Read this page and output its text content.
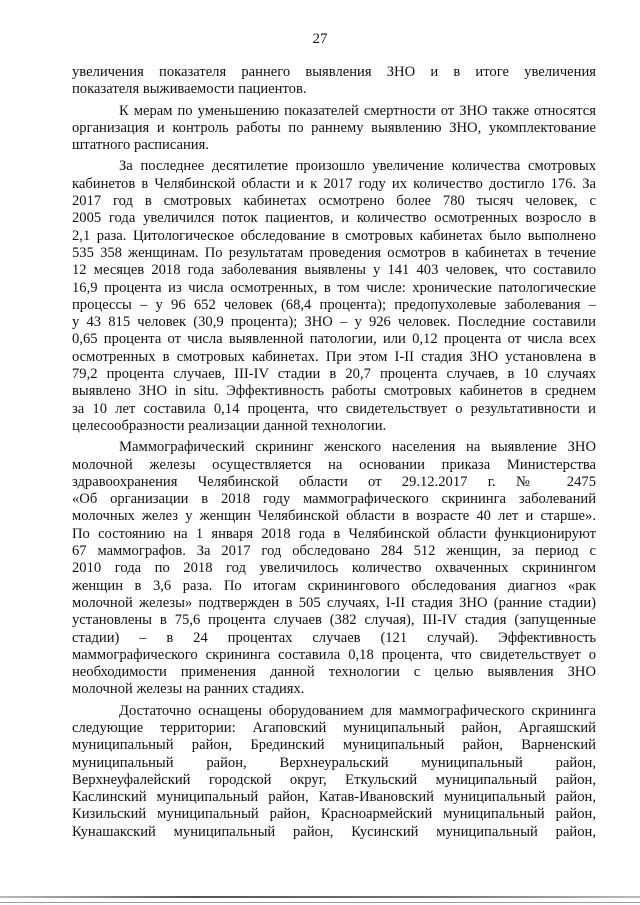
27
увеличения показателя раннего выявления ЗНО и в итоге увеличения
показателя выживаемости пациентов.
К мерам по уменьшению показателей смертности от ЗНО также относятся
организация и контроль работы по раннему выявлению ЗНО, укомплектование
штатного расписания.
За последнее десятилетие произошло увеличение количества смотровых
кабинетов в Челябинской области и к 2017 году их количество достигло 176. За
2017 год в смотровых кабинетах осмотрено более 780 тысяч человек, с
2005 года увеличился поток пациентов, и количество осмотренных возросло в
2,1 раза. Цитологическое обследование в смотровых кабинетах было выполнено
535 358 женщинам. По результатам проведения осмотров в кабинетах в течение
12 месяцев 2018 года заболевания выявлены у 141 403 человек, что составило
16,9 процента из числа осмотренных, в том числе: хронические патологические
процессы – у 96 652 человек (68,4 процента); предопухолевые заболевания –
у 43 815 человек (30,9 процента); ЗНО – у 926 человек. Последние составили
0,65 процента от числа выявленной патологии, или 0,12 процента от числа всех
осмотренных в смотровых кабинетах. При этом I-II стадия ЗНО установлена в
79,2 процента случаев, III-IV стадии в 20,7 процента случаев, в 10 случаях
выявлено ЗНО in situ. Эффективность работы смотровых кабинетов в среднем
за 10 лет составила 0,14 процента, что свидетельствует о результативности и
целесообразности реализации данной технологии.
Маммографический скрининг женского населения на выявление ЗНО
молочной железы осуществляется на основании приказа Министерства
здравоохранения Челябинской области от 29.12.2017 г. № 2475
«Об организации в 2018 году маммографического скрининга заболеваний
молочных желез у женщин Челябинской области в возрасте 40 лет и старше».
По состоянию на 1 января 2018 года в Челябинской области функционируют
67 маммографов. За 2017 год обследовано 284 512 женщин, за период с
2010 года по 2018 год увеличилось количество охваченных скринингом
женщин в 3,6 раза. По итогам скринингового обследования диагноз «рак
молочной железы» подтвержден в 505 случаях, I-II стадия ЗНО (ранние стадии)
установлены в 75,6 процента случаев (382 случая), III-IV стадия (запущенные
стадии) – в 24 процентах случаев (121 случай). Эффективность
маммографического скрининга составила 0,18 процента, что свидетельствует о
необходимости применения данной технологии с целью выявления ЗНО
молочной железы на ранних стадиях.
Достаточно оснащены оборудованием для маммографического скрининга
следующие территории: Агаповский муниципальный район, Аргаяшский
муниципальный район, Брединский муниципальный район, Варненский
муниципальный район, Верхнеуральский муниципальный район,
Верхнеуфалейский городской округ, Еткульский муниципальный район,
Каслинский муниципальный район, Катав-Ивановский муниципальный район,
Кизильский муниципальный район, Красноармейский муниципальный район,
Кунашакский муниципальный район, Кусинский муниципальный район,
